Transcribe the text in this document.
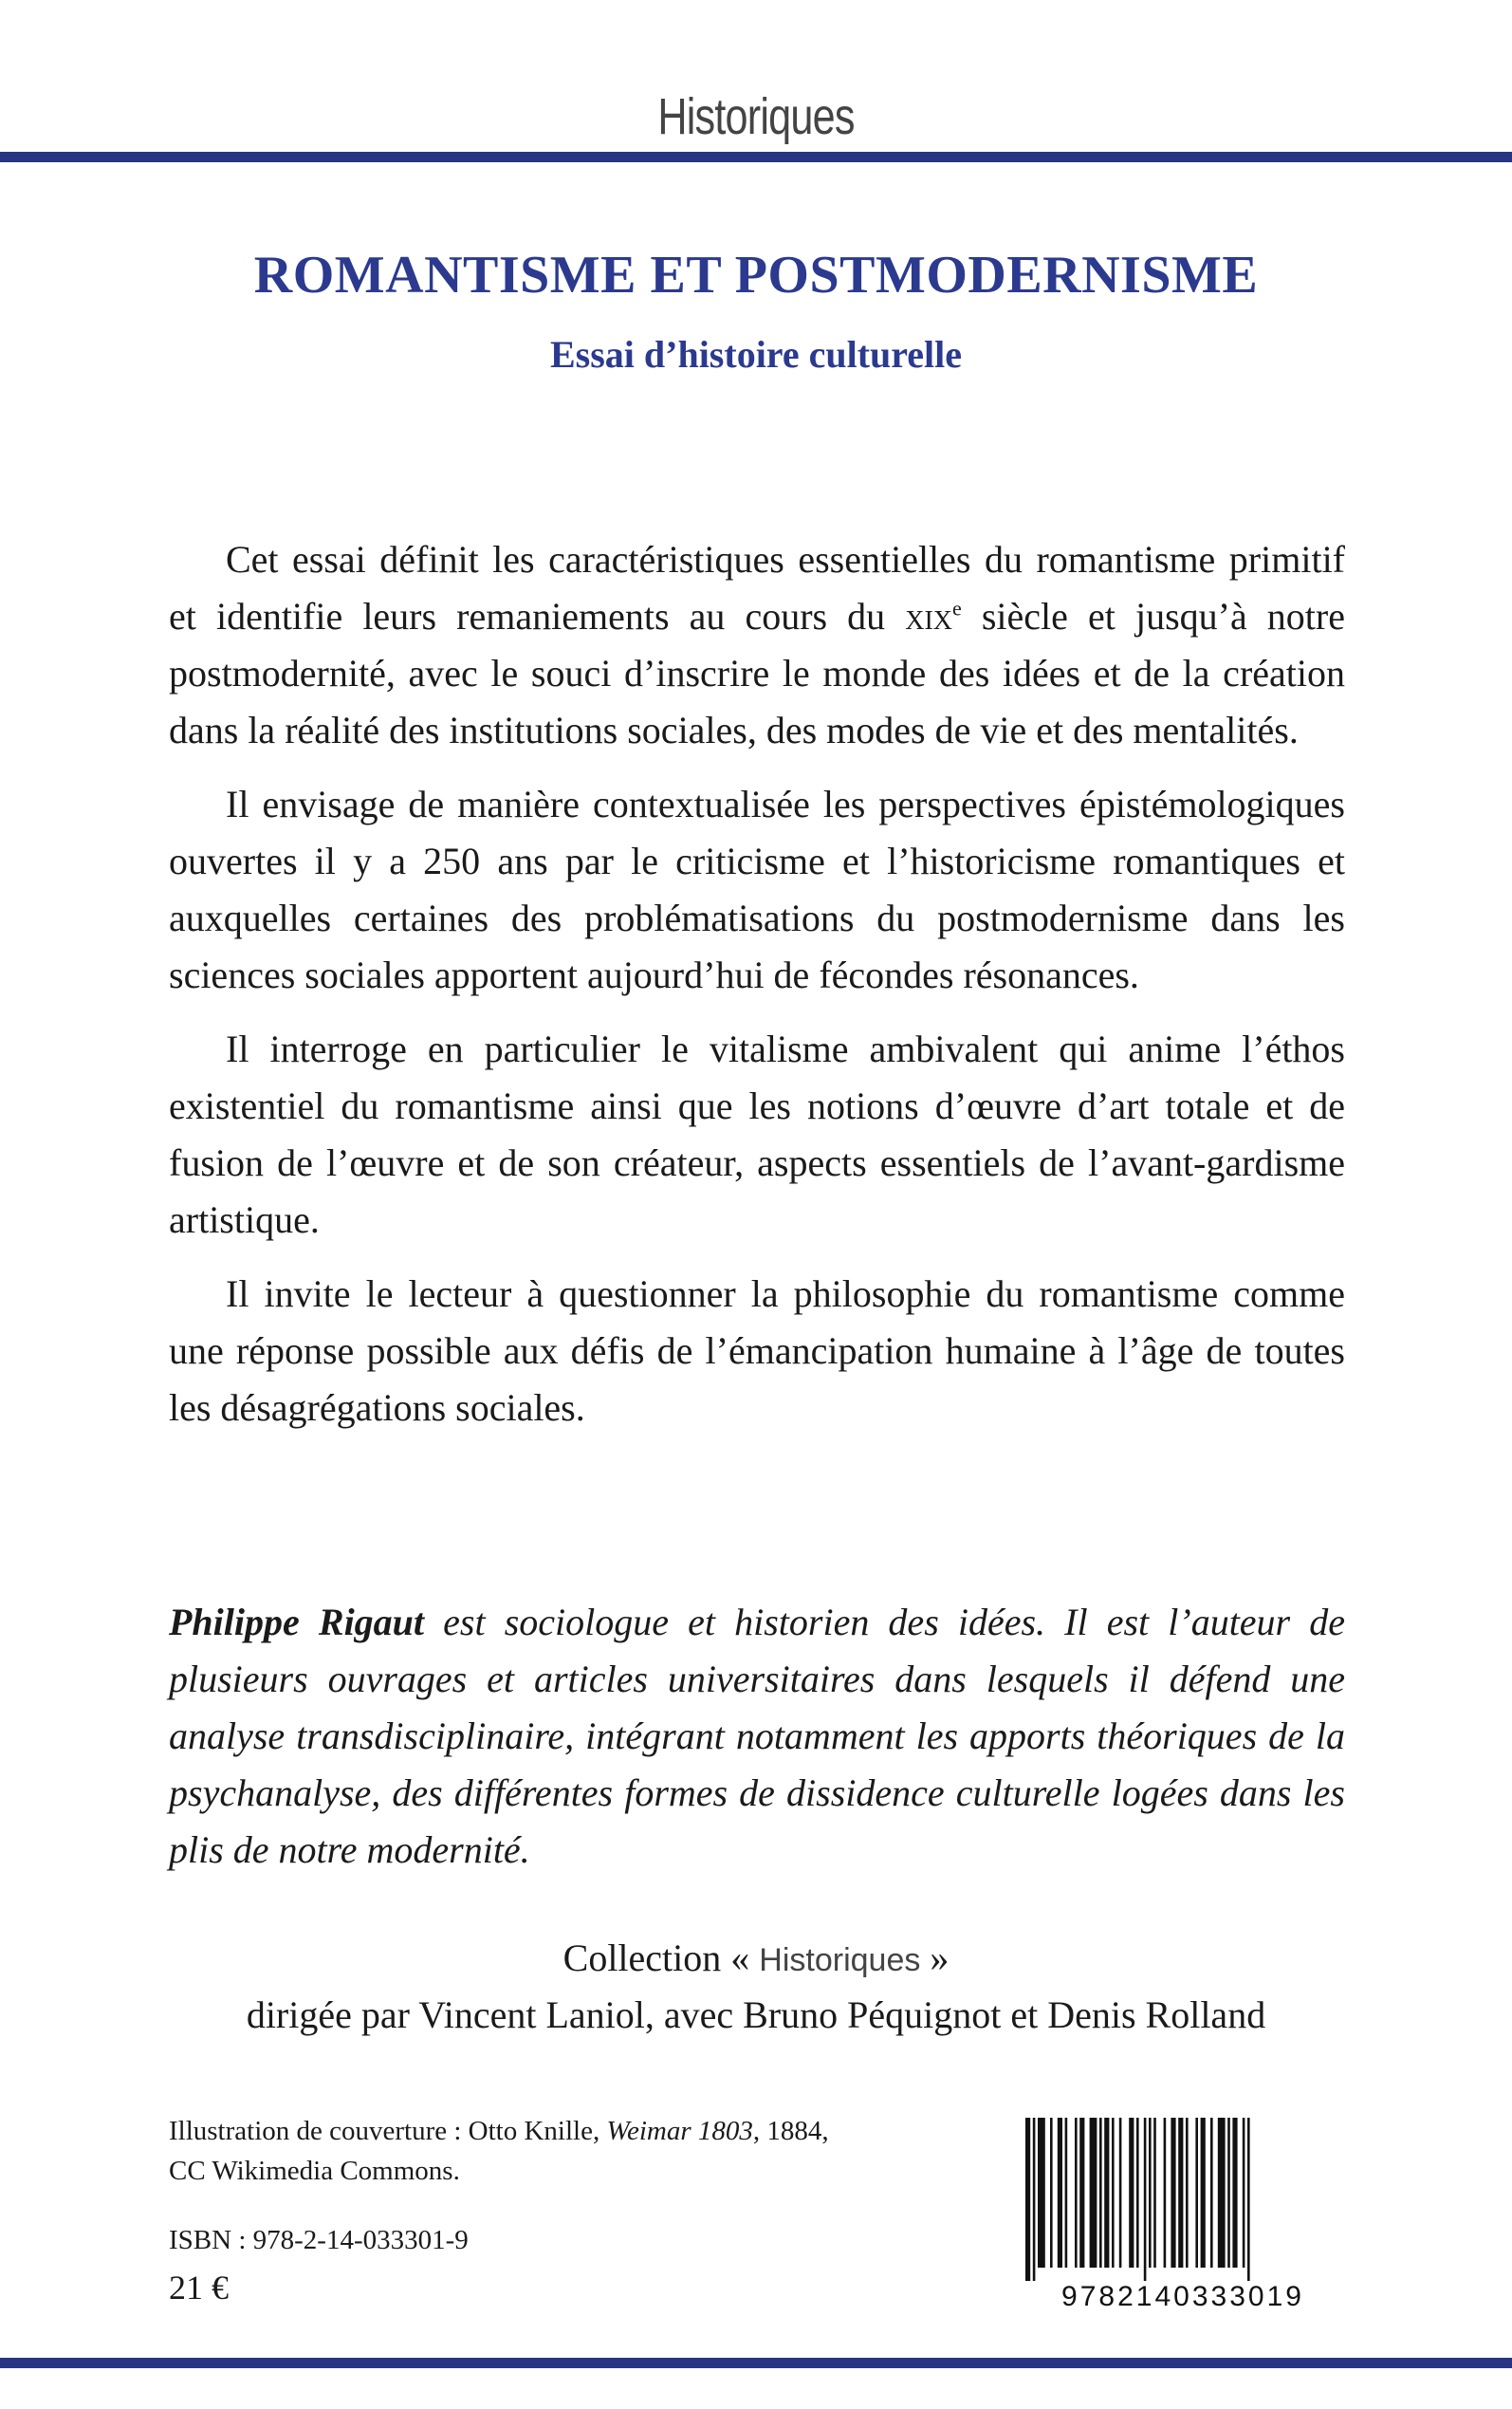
Historiques
ROMANTISME ET POSTMODERNISME
Essai d’histoire culturelle

Cet essai définit les caractéristiques essentielles du romantisme primitif et identifie leurs remaniements au cours du xix$^e$ siècle et jusqu’à notre postmodernité, avec le souci d’inscrire le monde des idées et de la création dans la réalité des institutions sociales, des modes de vie et des mentalités.

Il envisage de manière contextualisée les perspectives épistémologiques ouvertes il y a 250 ans par le criticisme et l’historicisme romantiques et auxquelles certaines des problématisations du postmodernisme dans les sciences sociales apportent aujourd’hui de fécondes résonances.

Il interroge en particulier le vitalisme ambivalent qui anime l’éthos existentiel du romantisme ainsi que les notions d’œuvre d’art totale et de fusion de l’œuvre et de son créateur, aspects essentiels de l’avant-gardisme artistique.

Il invite le lecteur à questionner la philosophie du romantisme comme une réponse possible aux défis de l’émancipation humaine à l’âge de toutes les désagrégations sociales.

Philippe Rigaut est sociologue et historien des idées. Il est l’auteur de plusieurs ouvrages et articles universitaires dans lesquels il défend une analyse transdisciplinaire, intégrant notamment les apports théoriques de la psychanalyse, des différentes formes de dissidence culturelle logées dans les plis de notre modernité.
Collection « Historiques »
dirigée par Vincent Laniol, avec Bruno Péquignot et Denis Rolland
Illustration de couverture : Otto Knille, Weimar 1803, 1884, CC Wikimedia Commons.
ISBN : 978-2-14-033301-9
21 €	9782140333019
